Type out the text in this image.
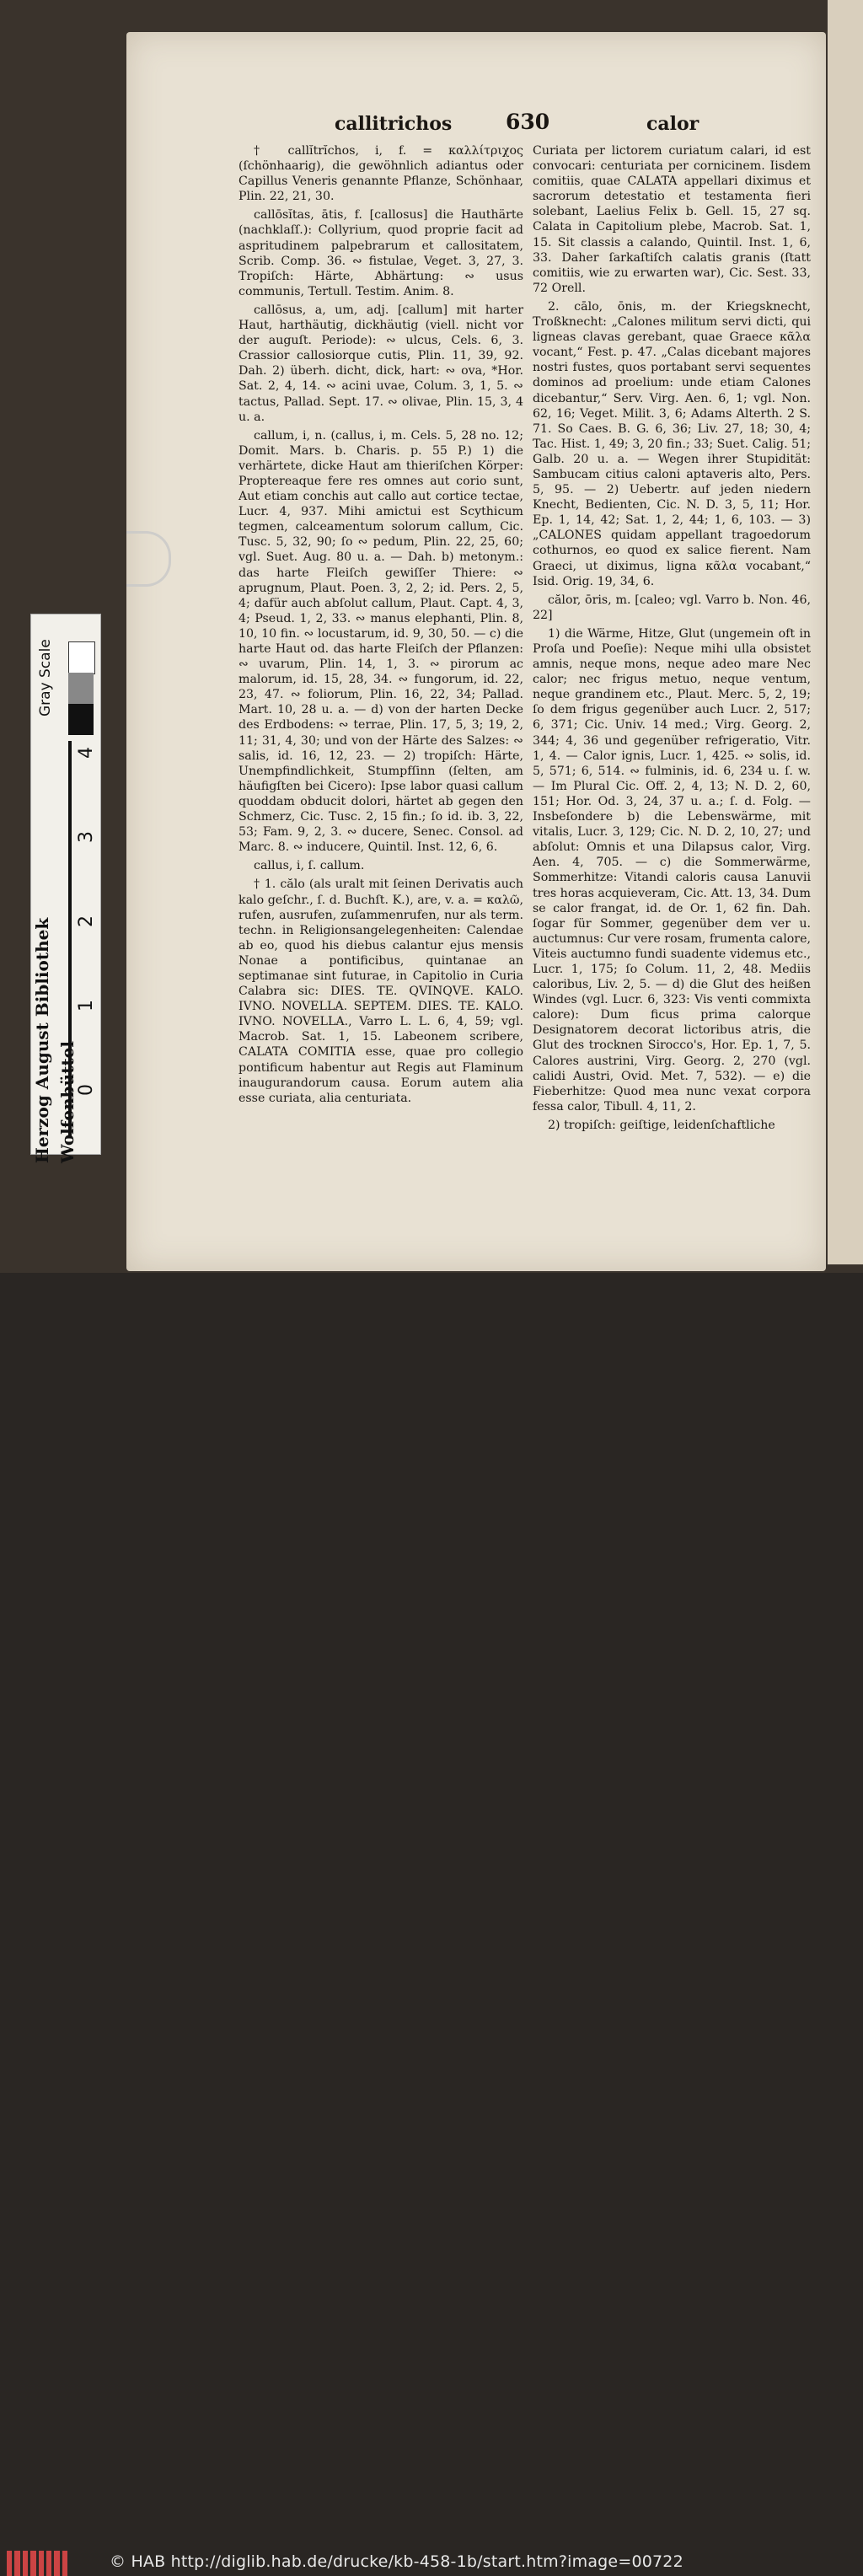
callitrichos	630	calor

† callĭtrĭchos, i, f. = καλλίτριχος (ſchönhaarig), die gewöhnlich adiantus oder Capillus Veneris genannte Pflanze, Schönhaar, Plin. 22, 21, 30.

callōsĭtas, ātis, f. [callosus] die Hauthärte (nachklaſſ.): Collyrium, quod proprie facit ad aspritudinem palpebrarum et callositatem, Scrib. Comp. 36. ∾ fistulae, Veget. 3, 27, 3. Tropiſch: Härte, Abhärtung: ∾ usus communis, Tertull. Testim. Anim. 8.

callōsus, a, um, adj. [callum] mit harter Haut, harthäutig, dickhäutig (viell. nicht vor der auguſt. Periode): ∾ ulcus, Cels. 6, 3. Crassior callosiorque cutis, Plin. 11, 39, 92. Dah. 2) überh. dicht, dick, hart: ∾ ova, *Hor. Sat. 2, 4, 14. ∾ acini uvae, Colum. 3, 1, 5. ∾ tactus, Pallad. Sept. 17. ∾ olivae, Plin. 15, 3, 4 u. a.

callum, i, n. (callus, i, m. Cels. 5, 28 no. 12; Domit. Mars. b. Charis. p. 55 P.) 1) die verhärtete, dicke Haut am thieriſchen Körper: Proptereaque fere res omnes aut corio sunt, Aut etiam conchis aut callo aut cortice tectae, Lucr. 4, 937. Mihi amictui est Scythicum tegmen, calceamentum solorum callum, Cic. Tusc. 5, 32, 90; ſo ∾ pedum, Plin. 22, 25, 60; vgl. Suet. Aug. 80 u. a. — Dah. b) metonym.: das harte Fleiſch gewiſſer Thiere: ∾ aprugnum, Plaut. Poen. 3, 2, 2; id. Pers. 2, 5, 4; dafür auch abſolut callum, Plaut. Capt. 4, 3, 4; Pseud. 1, 2, 33. ∾ manus elephanti, Plin. 8, 10, 10 fin. ∾ locustarum, id. 9, 30, 50. — c) die harte Haut od. das harte Fleiſch der Pflanzen: ∾ uvarum, Plin. 14, 1, 3. ∾ pirorum ac malorum, id. 15, 28, 34. ∾ fungorum, id. 22, 23, 47. ∾ foliorum, Plin. 16, 22, 34; Pallad. Mart. 10, 28 u. a. — d) von der harten Decke des Erdbodens: ∾ terrae, Plin. 17, 5, 3; 19, 2, 11; 31, 4, 30; und von der Härte des Salzes: ∾ salis, id. 16, 12, 23. — 2) tropiſch: Härte, Unempfindlichkeit, Stumpfſinn (ſelten, am häufigſten bei Cicero): Ipse labor quasi callum quoddam obducit dolori, härtet ab gegen den Schmerz, Cic. Tusc. 2, 15 fin.; ſo id. ib. 3, 22, 53; Fam. 9, 2, 3. ∾ ducere, Senec. Consol. ad Marc. 8. ∾ inducere, Quintil. Inst. 12, 6, 6.

callus, i, ſ. callum.

† 1. călo (als uralt mit ſeinen Derivatis auch kalo geſchr., ſ. d. Buchſt. K.), are, v. a. = καλῶ, rufen, ausrufen, zuſammenrufen, nur als term. techn. in Religionsangelegenheiten: Calendae ab eo, quod his diebus calantur ejus mensis Nonae a pontificibus, quintanae an septimanae sint futurae, in Capitolio in Curia Calabra sic: DIES. TE. QVINQVE. KALO. IVNO. NOVELLA. SEPTEM. DIES. TE. KALO. IVNO. NOVELLA., Varro L. L. 6, 4, 59; vgl. Macrob. Sat. 1, 15. Labeonem scribere, CALATA COMITIA esse, quae pro collegio pontificum habentur aut Regis aut Flaminum inaugurandorum causa. Eorum autem alia esse curiata, alia centuriata.

Curiata per lictorem curiatum calari, id est convocari: centuriata per cornicinem. Iisdem comitiis, quae CALATA appellari diximus et sacrorum detestatio et testamenta fieri solebant, Laelius Felix b. Gell. 15, 27 sq. Calata in Capitolium plebe, Macrob. Sat. 1, 15. Sit classis a calando, Quintil. Inst. 1, 6, 33. Daher ſarkaſtiſch calatis granis (ſtatt comitiis, wie zu erwarten war), Cic. Sest. 33, 72 Orell.

2. cālo, ōnis, m. der Kriegsknecht, Troßknecht: „Calones militum servi dicti, qui ligneas clavas gerebant, quae Graece κᾶλα vocant,“ Fest. p. 47. „Calas dicebant majores nostri fustes, quos portabant servi sequentes dominos ad proelium: unde etiam Calones dicebantur,“ Serv. Virg. Aen. 6, 1; vgl. Non. 62, 16; Veget. Milit. 3, 6; Adams Alterth. 2 S. 71. So Caes. B. G. 6, 36; Liv. 27, 18; 30, 4; Tac. Hist. 1, 49; 3, 20 fin.; 33; Suet. Calig. 51; Galb. 20 u. a. — Wegen ihrer Stupidität: Sambucam citius caloni aptaveris alto, Pers. 5, 95. — 2) Uebertr. auf jeden niedern Knecht, Bedienten, Cic. N. D. 3, 5, 11; Hor. Ep. 1, 14, 42; Sat. 1, 2, 44; 1, 6, 103. — 3) „CALONES quidam appellant tragoedorum cothurnos, eo quod ex salice fierent. Nam Graeci, ut diximus, ligna κᾶλα vocabant,“ Isid. Orig. 19, 34, 6.

călor, ōris, m. [caleo; vgl. Varro b. Non. 46, 22]

1) die Wärme, Hitze, Glut (ungemein oft in Proſa und Poeſie): Neque mihi ulla obsistet amnis, neque mons, neque adeo mare Nec calor; nec frigus metuo, neque ventum, neque grandinem etc., Plaut. Merc. 5, 2, 19; ſo dem frigus gegenüber auch Lucr. 2, 517; 6, 371; Cic. Univ. 14 med.; Virg. Georg. 2, 344; 4, 36 und gegenüber refrigeratio, Vitr. 1, 4. — Calor ignis, Lucr. 1, 425. ∾ solis, id. 5, 571; 6, 514. ∾ fulminis, id. 6, 234 u. ſ. w. — Im Plural Cic. Off. 2, 4, 13; N. D. 2, 60, 151; Hor. Od. 3, 24, 37 u. a.; ſ. d. Folg. — Insbeſondere b) die Lebenswärme, mit vitalis, Lucr. 3, 129; Cic. N. D. 2, 10, 27; und abſolut: Omnis et una Dilapsus calor, Virg. Aen. 4, 705. — c) die Sommerwärme, Sommerhitze: Vitandi caloris causa Lanuvii tres horas acquieveram, Cic. Att. 13, 34. Dum se calor frangat, id. de Or. 1, 62 fin. Dah. ſogar für Sommer, gegenüber dem ver u. auctumnus: Cur vere rosam, frumenta calore, Viteis auctumno fundi suadente videmus etc., Lucr. 1, 175; ſo Colum. 11, 2, 48. Mediis caloribus, Liv. 2, 5. — d) die Glut des heißen Windes (vgl. Lucr. 6, 323: Vis venti commixta calore): Dum ficus prima calorque Designatorem decorat lictoribus atris, die Glut des trocknen Sirocco's, Hor. Ep. 1, 7, 5. Calores austrini, Virg. Georg. 2, 270 (vgl. calidi Austri, Ovid. Met. 7, 532). — e) die Fieberhitze: Quod mea nunc vexat corpora fessa calor, Tibull. 4, 11, 2.

2) tropiſch: geiſtige, leidenſchaftliche

Gray Scale
4
3
2
1
0
Herzog August Bibliothek Wolfenbüttel
© HAB http://diglib.hab.de/drucke/kb-458-1b/start.htm?image=00722
